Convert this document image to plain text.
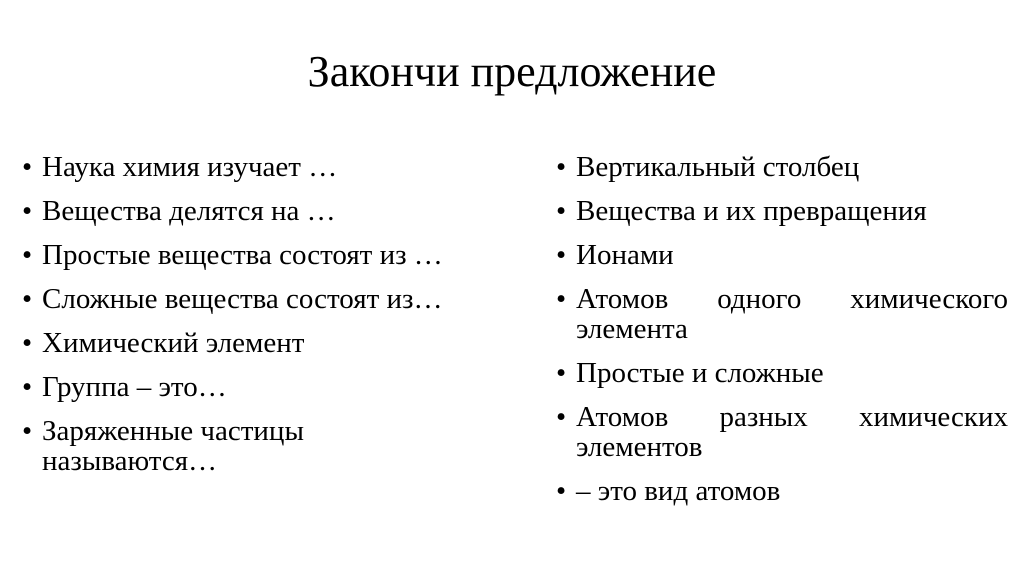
Закончи предложение
• Наука химия изучает …
• Вещества делятся на …
• Простые вещества состоят из …
• Сложные вещества состоят из…
• Химический элемент
• Группа – это…
• Заряженные частицы называются…
• Вертикальный столбец
• Вещества и их превращения
• Ионами
• Атомов одного химического элемента
• Простые и сложные
• Атомов разных химических элементов
• – это вид атомов
